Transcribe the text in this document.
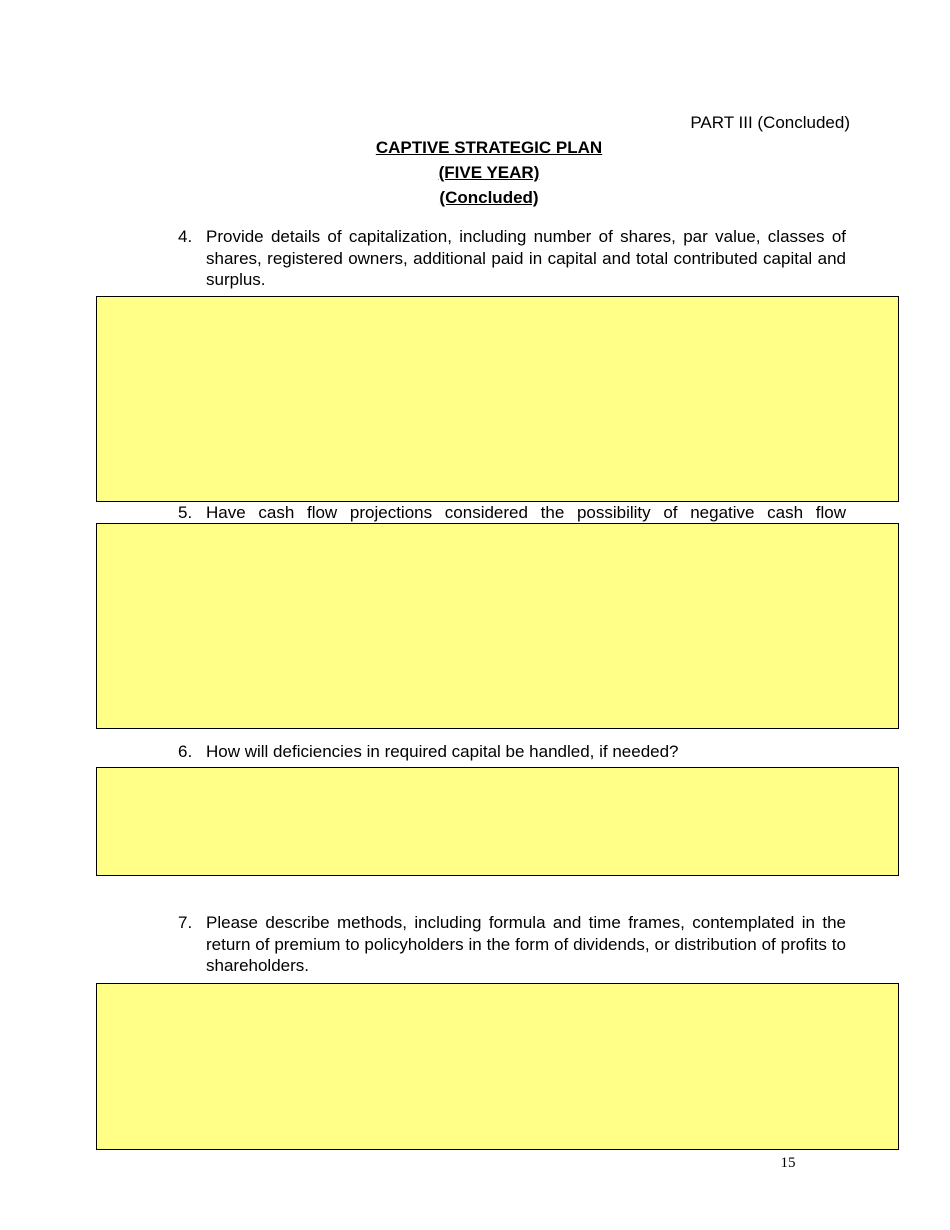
PART III (Concluded)
CAPTIVE STRATEGIC PLAN
(FIVE YEAR)
(Concluded)
4. Provide details of capitalization, including number of shares, par value, classes of shares, registered owners, additional paid in capital and total contributed capital and surplus.
5. Have cash flow projections considered the possibility of negative cash flow
6. How will deficiencies in required capital be handled, if needed?
7. Please describe methods, including formula and time frames, contemplated in the return of premium to policyholders in the form of dividends, or distribution of profits to shareholders.
15
